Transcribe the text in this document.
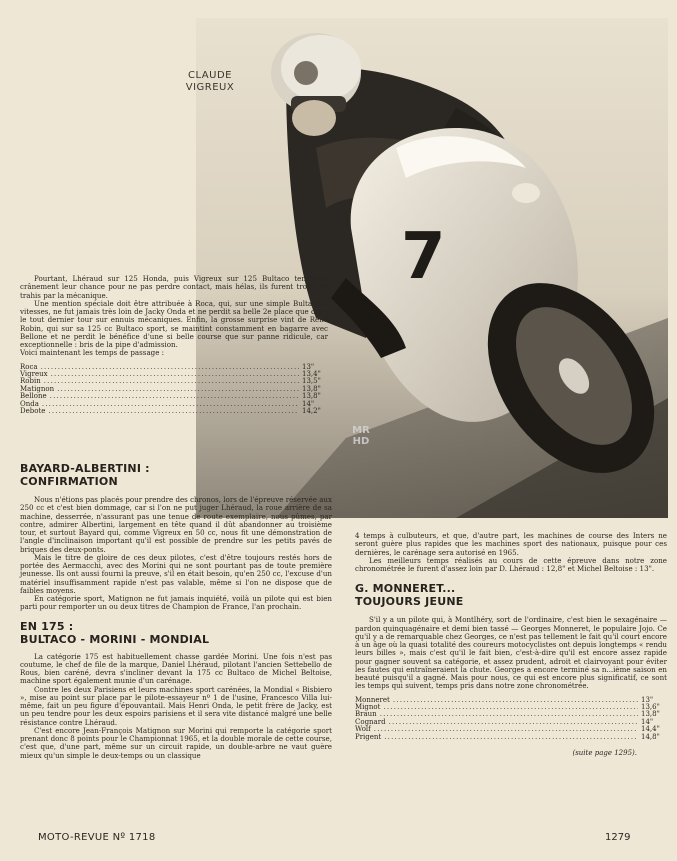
7
CLAUDE
VIGREUX
MR
HD

Pourtant, Lhéraud sur 125 Honda, puis Vigreux sur 125 Bultaco tentèrent crânement leur chance pour ne pas perdre contact, mais hélas, ils furent trop vite trahis par la mécanique.

Une mention spéciale doit être attribuée à Roca, qui, sur une simple Bultaco 4 vitesses, ne fut jamais très loin de Jacky Onda et ne perdit sa belle 2e place que dans le tout dernier tour sur ennuis mécaniques. Enfin, la grosse surprise vint de René Robin, qui sur sa 125 cc Bultaco sport, se maintint constamment en bagarre avec Bellone et ne perdit le bénéfice d'une si belle course que sur panne ridicule, car exceptionnelle : bris de la pipe d'admission.

Voici maintenant les temps de passage :

Roca .....	13"
Vigreux .....	13,4"
Robin .....	13,5"
Matignon .....	13,8"
Bellone .....	13,8"
Onda .....	14"
Debote .....	14,2"
BAYARD-ALBERTINI :
CONFIRMATION

Nous n'étions pas placés pour prendre des chronos, lors de l'épreuve réservée aux 250 cc et c'est bien dommage, car si l'on ne put juger Lhéraud, la roue arrière de sa machine, desserrée, n'assurant pas une tenue de route exemplaire, nous pûmes, par contre, admirer Albertini, largement en tête quand il dût abandonner au troisième tour, et surtout Bayard qui, comme Vigreux en 50 cc, nous fit une démonstration de l'angle d'inclinaison important qu'il est possible de prendre sur les petits pavés de briques des deux-ponts.

Mais le titre de gloire de ces deux pilotes, c'est d'être toujours restés hors de portée des Aermacchi, avec des Morini qui ne sont pourtant pas de toute première jeunesse. Ils ont aussi fourni la preuve, s'il en était besoin, qu'en 250 cc, l'excuse d'un matériel insuffisamment rapide n'est pas valable, même si l'on ne dispose que de faibles moyens.

En catégorie sport, Matignon ne fut jamais inquiété, voilà un pilote qui est bien parti pour remporter un ou deux titres de Champion de France, l'an prochain.

EN 175 :
BULTACO - MORINI - MONDIAL

La catégorie 175 est habituellement chasse gardée Morini. Une fois n'est pas coutume, le chef de file de la marque, Daniel Lhéraud, pilotant l'ancien Settebello de Rous, bien caréné, devra s'incliner devant la 175 cc Bultaco de Michel Beltoise, machine sport également munie d'un carénage.

Contre les deux Parisiens et leurs machines sport carénées, la Mondial « Bisbiero », mise au point sur place par le pilote-essayeur nº 1 de l'usine, Francesco Villa lui-même, fait un peu figure d'épouvantail. Mais Henri Onda, le petit frère de Jacky, est un peu tendre pour les deux espoirs parisiens et il sera vite distancé malgré une belle résistance contre Lhéraud.

C'est encore Jean-François Matignon sur Morini qui remporte la catégorie sport prenant donc 8 points pour le Championnat 1965, et la double morale de cette course, c'est que, d'une part, même sur un circuit rapide, un double-arbre ne vaut guère mieux qu'un simple le deux-temps ou un classique

4 temps à culbuteurs, et que, d'autre part, les machines de course des Inters ne seront guère plus rapides que les machines sport des nationaux, puisque pour ces dernières, le carénage sera autorisé en 1965.

Les meilleurs temps réalisés au cours de cette épreuve dans notre zone chronométrée le furent d'assez loin par D. Lhéraud : 12,8" et Michel Beltoise : 13".

G. MONNERET...
TOUJOURS JEUNE

S'il y a un pilote qui, à Montlhéry, sort de l'ordinaire, c'est bien le sexagénaire — pardon quinquagénaire et demi bien tassé — Georges Monneret, le populaire Jojo. Ce qu'il y a de remarquable chez Georges, ce n'est pas tellement le fait qu'il court encore à un âge où la quasi totalité des coureurs motocyclistes ont depuis longtemps « rendu leurs billes », mais c'est qu'il le fait bien, c'est-à-dire qu'il est encore assez rapide pour gagner souvent sa catégorie, et assez prudent, adroit et clairvoyant pour éviter les fautes qui entraîneraient la chute. Georges a encore terminé sa n...ième saison en beauté puisqu'il a gagné. Mais pour nous, ce qui est encore plus significatif, ce sont les temps qui suivent, temps pris dans notre zone chronométrée.

Monneret .....	13"
Mignot .....	13,6"
Braun .....	13,8"
Cognard .....	14"
Wolf .....	14,4"
Prigent .....	14,8"
(suite page 1295).
MOTO-REVUE Nº 1718	1279
